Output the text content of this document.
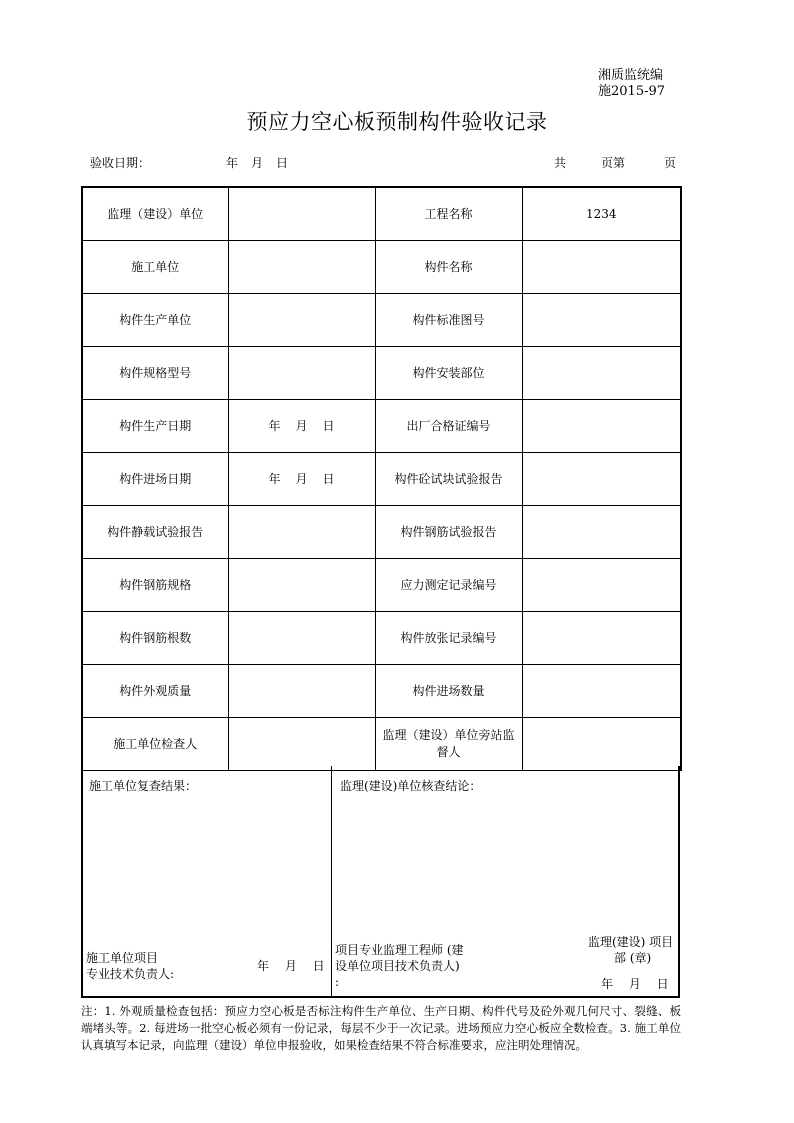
湘质监统编
施2015-97
预应力空心板预制构件验收记录
验收日期：	年 月 日	共	页第	页
监理（建设）单位		工程名称	1234
施工单位		构件名称	
构件生产单位		构件标准图号	
构件规格型号		构件安装部位	
构件生产日期	年 月 日	出厂合格证编号	
构件进场日期	年 月 日	构件砼试块试验报告	
构件静载试验报告		构件钢筋试验报告	
构件钢筋规格		应力测定记录编号	
构件钢筋根数		构件放张记录编号	
构件外观质量		构件进场数量	
施工单位检查人		监理（建设）单位旁站监督人	
施工单位复查结果：
施工单位项目
专业技术负责人:
年　 月　 日
监理(建设)单位核查结论：
项目专业监理工程师 (建
设单位项目技术负责人)
:
监理(建设) 项目
部 (章)
年　 月　 日
注：1. 外观质量检查包括：预应力空心板是否标注构件生产单位、生产日期、构件代号及砼外观几何尺寸、裂缝、板端堵头等。2. 每进场一批空心板必须有一份记录，每层不少于一次记录。进场预应力空心板应全数检查。3. 施工单位认真填写本记录，向监理（建设）单位申报验收，如果检查结果不符合标准要求，应注明处理情况。
